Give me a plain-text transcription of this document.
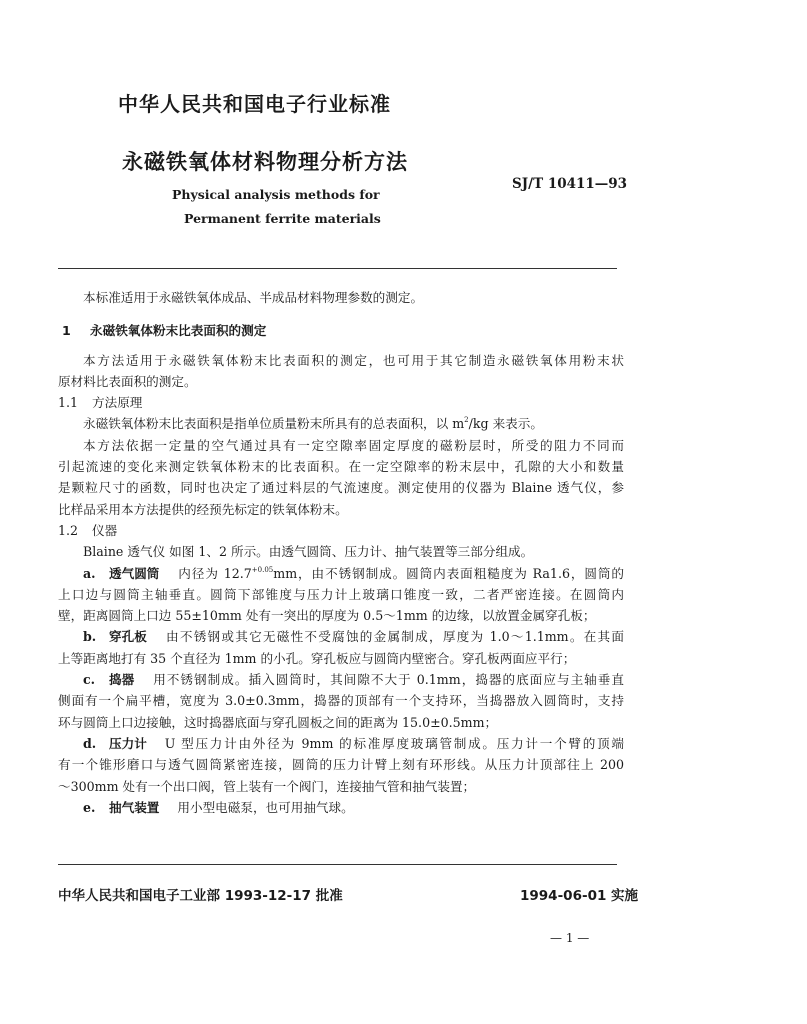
中华人民共和国电子行业标准
永磁铁氧体材料物理分析方法
Physical analysis methods for
Permanent ferrite materials
SJ/T 10411—93
本标准适用于永磁铁氧体成品、半成品材料物理参数的测定。
1 永磁铁氧体粉末比表面积的测定
本方法适用于永磁铁氧体粉末比表面积的测定，也可用于其它制造永磁铁氧体用粉末状
原材料比表面积的测定。
1.1 方法原理
永磁铁氧体粉末比表面积是指单位质量粉末所具有的总表面积，以 $m^2/kg$ 来表示。
本方法依据一定量的空气通过具有一定空隙率固定厚度的磁粉层时，所受的阻力不同而
引起流速的变化来测定铁氧体粉末的比表面积。在一定空隙率的粉末层中，孔隙的大小和数量
是颗粒尺寸的函数，同时也决定了通过料层的气流速度。测定使用的仪器为 Blaine 透气仪，参
比样品采用本方法提供的经预先标定的铁氧体粉末。
1.2 仪器
Blaine 透气仪 如图 1、2 所示。由透气圆筒、压力计、抽气装置等三部分组成。
a. 透气圆筒 内径为 $12.7^{+0.05}mm$，由不锈钢制成。圆筒内表面粗糙度为 Ra1.6，圆筒的
上口边与圆筒主轴垂直。圆筒下部锥度与压力计上玻璃口锥度一致，二者严密连接。在圆筒内
壁，距离圆筒上口边 55±10mm 处有一突出的厚度为 0.5～1mm 的边缘，以放置金属穿孔板；
b. 穿孔板 由不锈钢或其它无磁性不受腐蚀的金属制成，厚度为 1.0～1.1mm。在其面
上等距离地打有 35 个直径为 1mm 的小孔。穿孔板应与圆筒内壁密合。穿孔板两面应平行；
c. 捣器 用不锈钢制成。插入圆筒时，其间隙不大于 0.1mm，捣器的底面应与主轴垂直
侧面有一个扁平槽，宽度为 3.0±0.3mm，捣器的顶部有一个支持环，当捣器放入圆筒时，支持
环与圆筒上口边接触，这时捣器底面与穿孔圆板之间的距离为 15.0±0.5mm；
d. 压力计 U 型压力计由外径为 9mm 的标准厚度玻璃管制成。压力计一个臂的顶端
有一个锥形磨口与透气圆筒紧密连接，圆筒的压力计臂上刻有环形线。从压力计顶部往上 200
～300mm 处有一个出口阀，管上装有一个阀门，连接抽气管和抽气装置；
e. 抽气装置 用小型电磁泵，也可用抽气球。
中华人民共和国电子工业部 1993-12-17 批准	1994-06-01 实施
— 1 —
